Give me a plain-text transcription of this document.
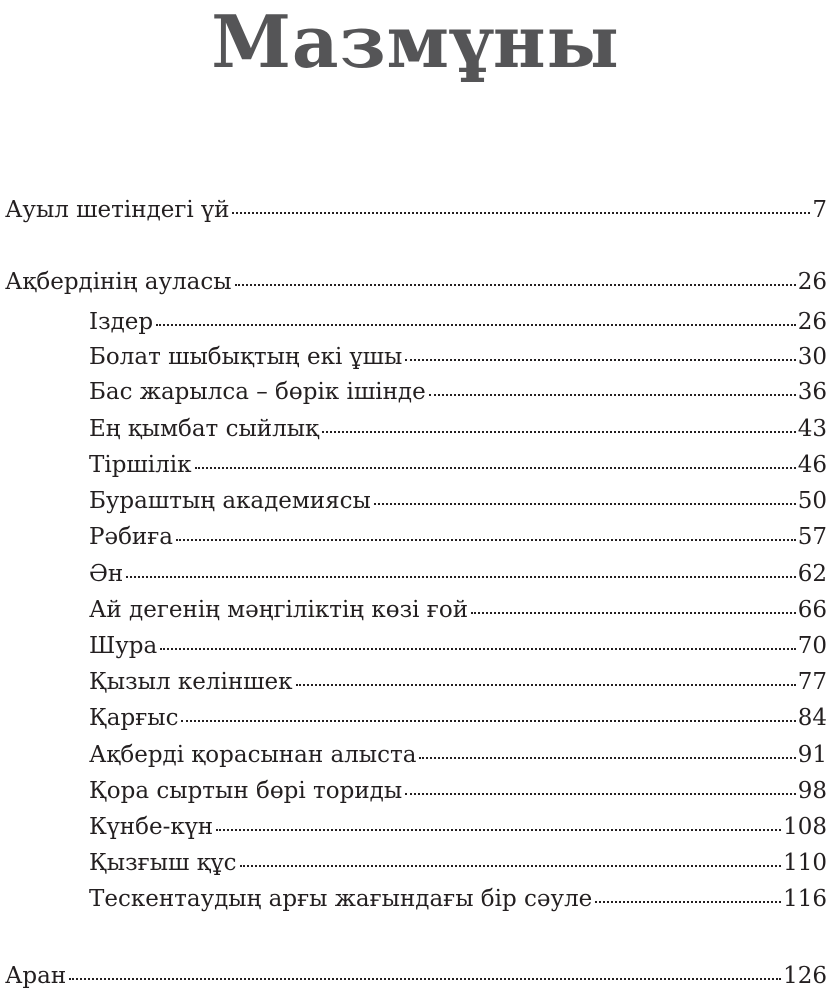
Мазмұны
Ауыл шетіндегі үй	7
Ақбердінің ауласы	26
Іздер	26
Болат шыбықтың екі ұшы	30
Бас жарылса – бөрік ішінде	36
Ең қымбат сыйлық	43
Тіршілік	46
Бураштың академиясы	50
Рәбиға	57
Ән	62
Ай дегенің мәңгіліктің көзі ғой	66
Шура	70
Қызыл келіншек	77
Қарғыс	84
Ақберді қорасынан алыста	91
Қора сыртын бөрі ториды	98
Күнбе-күн	108
Қызғыш құс	110
Тескентаудың арғы жағындағы бір сәуле	116
Аран	126
